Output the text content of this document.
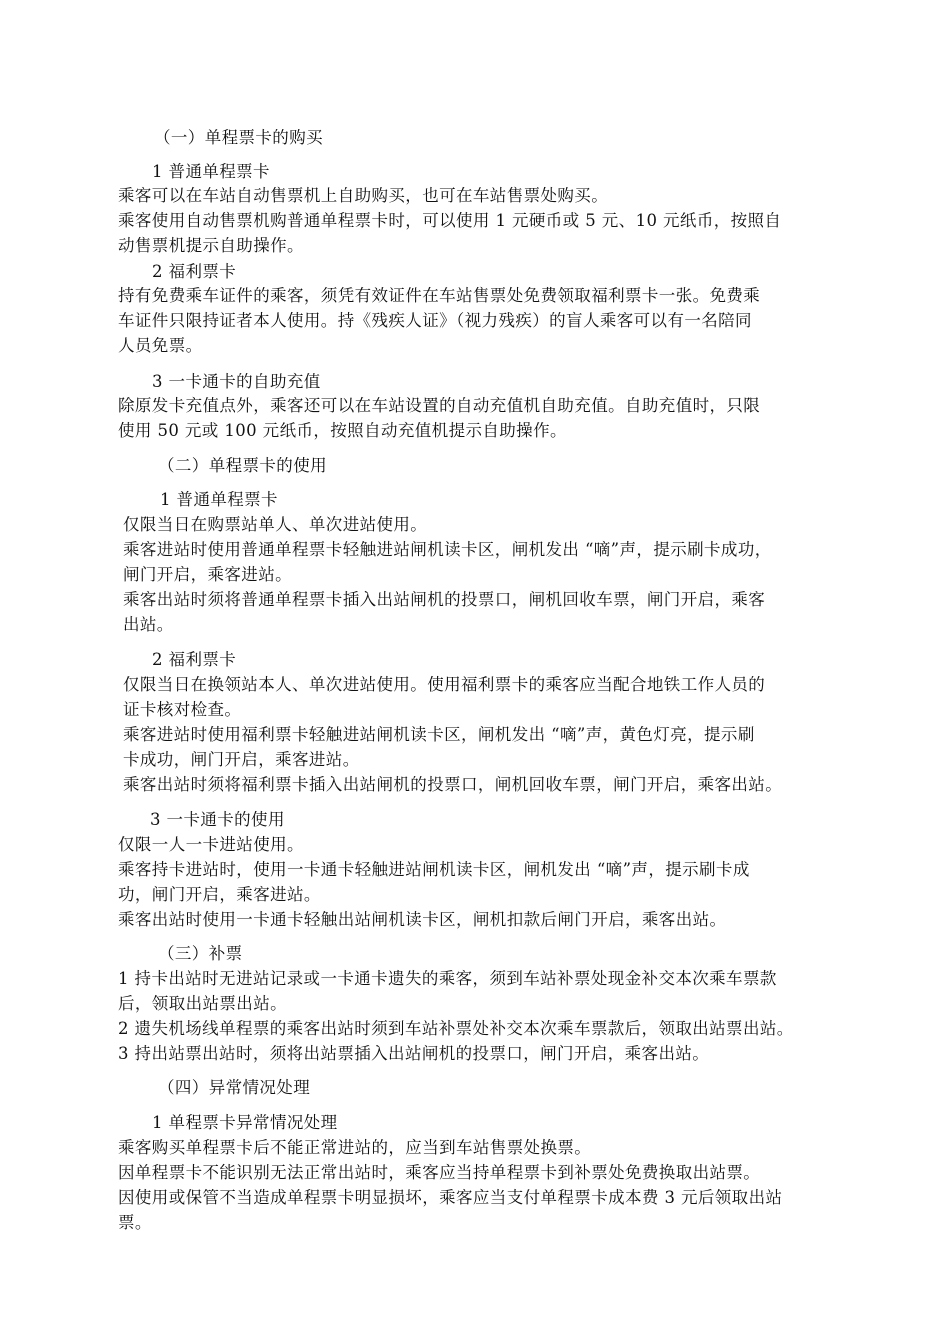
（一）单程票卡的购买
1 普通单程票卡
乘客可以在车站自动售票机上自助购买，也可在车站售票处购买。
乘客使用自动售票机购普通单程票卡时，可以使用 1 元硬币或 5 元、10 元纸币，按照自
动售票机提示自助操作。
2 福利票卡
持有免费乘车证件的乘客，须凭有效证件在车站售票处免费领取福利票卡一张。免费乘
车证件只限持证者本人使用。持《残疾人证》（视力残疾）的盲人乘客可以有一名陪同
人员免票。
3 一卡通卡的自助充值
除原发卡充值点外，乘客还可以在车站设置的自动充值机自助充值。自助充值时，只限
使用 50 元或 100 元纸币，按照自动充值机提示自助操作。
（二）单程票卡的使用
1 普通单程票卡
仅限当日在购票站单人、单次进站使用。
乘客进站时使用普通单程票卡轻触进站闸机读卡区，闸机发出 “嘀”声，提示刷卡成功，
闸门开启，乘客进站。
乘客出站时须将普通单程票卡插入出站闸机的投票口，闸机回收车票，闸门开启，乘客
出站。
2 福利票卡
仅限当日在换领站本人、单次进站使用。使用福利票卡的乘客应当配合地铁工作人员的
证卡核对检查。
乘客进站时使用福利票卡轻触进站闸机读卡区，闸机发出 “嘀”声，黄色灯亮，提示刷
卡成功，闸门开启，乘客进站。
乘客出站时须将福利票卡插入出站闸机的投票口，闸机回收车票，闸门开启，乘客出站。
3 一卡通卡的使用
仅限一人一卡进站使用。
乘客持卡进站时，使用一卡通卡轻触进站闸机读卡区，闸机发出 “嘀”声，提示刷卡成
功，闸门开启，乘客进站。
乘客出站时使用一卡通卡轻触出站闸机读卡区，闸机扣款后闸门开启，乘客出站。
（三）补票
1 持卡出站时无进站记录或一卡通卡遗失的乘客，须到车站补票处现金补交本次乘车票款
后，领取出站票出站。
2 遗失机场线单程票的乘客出站时须到车站补票处补交本次乘车票款后，领取出站票出站。
3 持出站票出站时，须将出站票插入出站闸机的投票口，闸门开启，乘客出站。
（四）异常情况处理
1 单程票卡异常情况处理
乘客购买单程票卡后不能正常进站的，应当到车站售票处换票。
因单程票卡不能识别无法正常出站时，乘客应当持单程票卡到补票处免费换取出站票。
因使用或保管不当造成单程票卡明显损坏，乘客应当支付单程票卡成本费 3 元后领取出站
票。
